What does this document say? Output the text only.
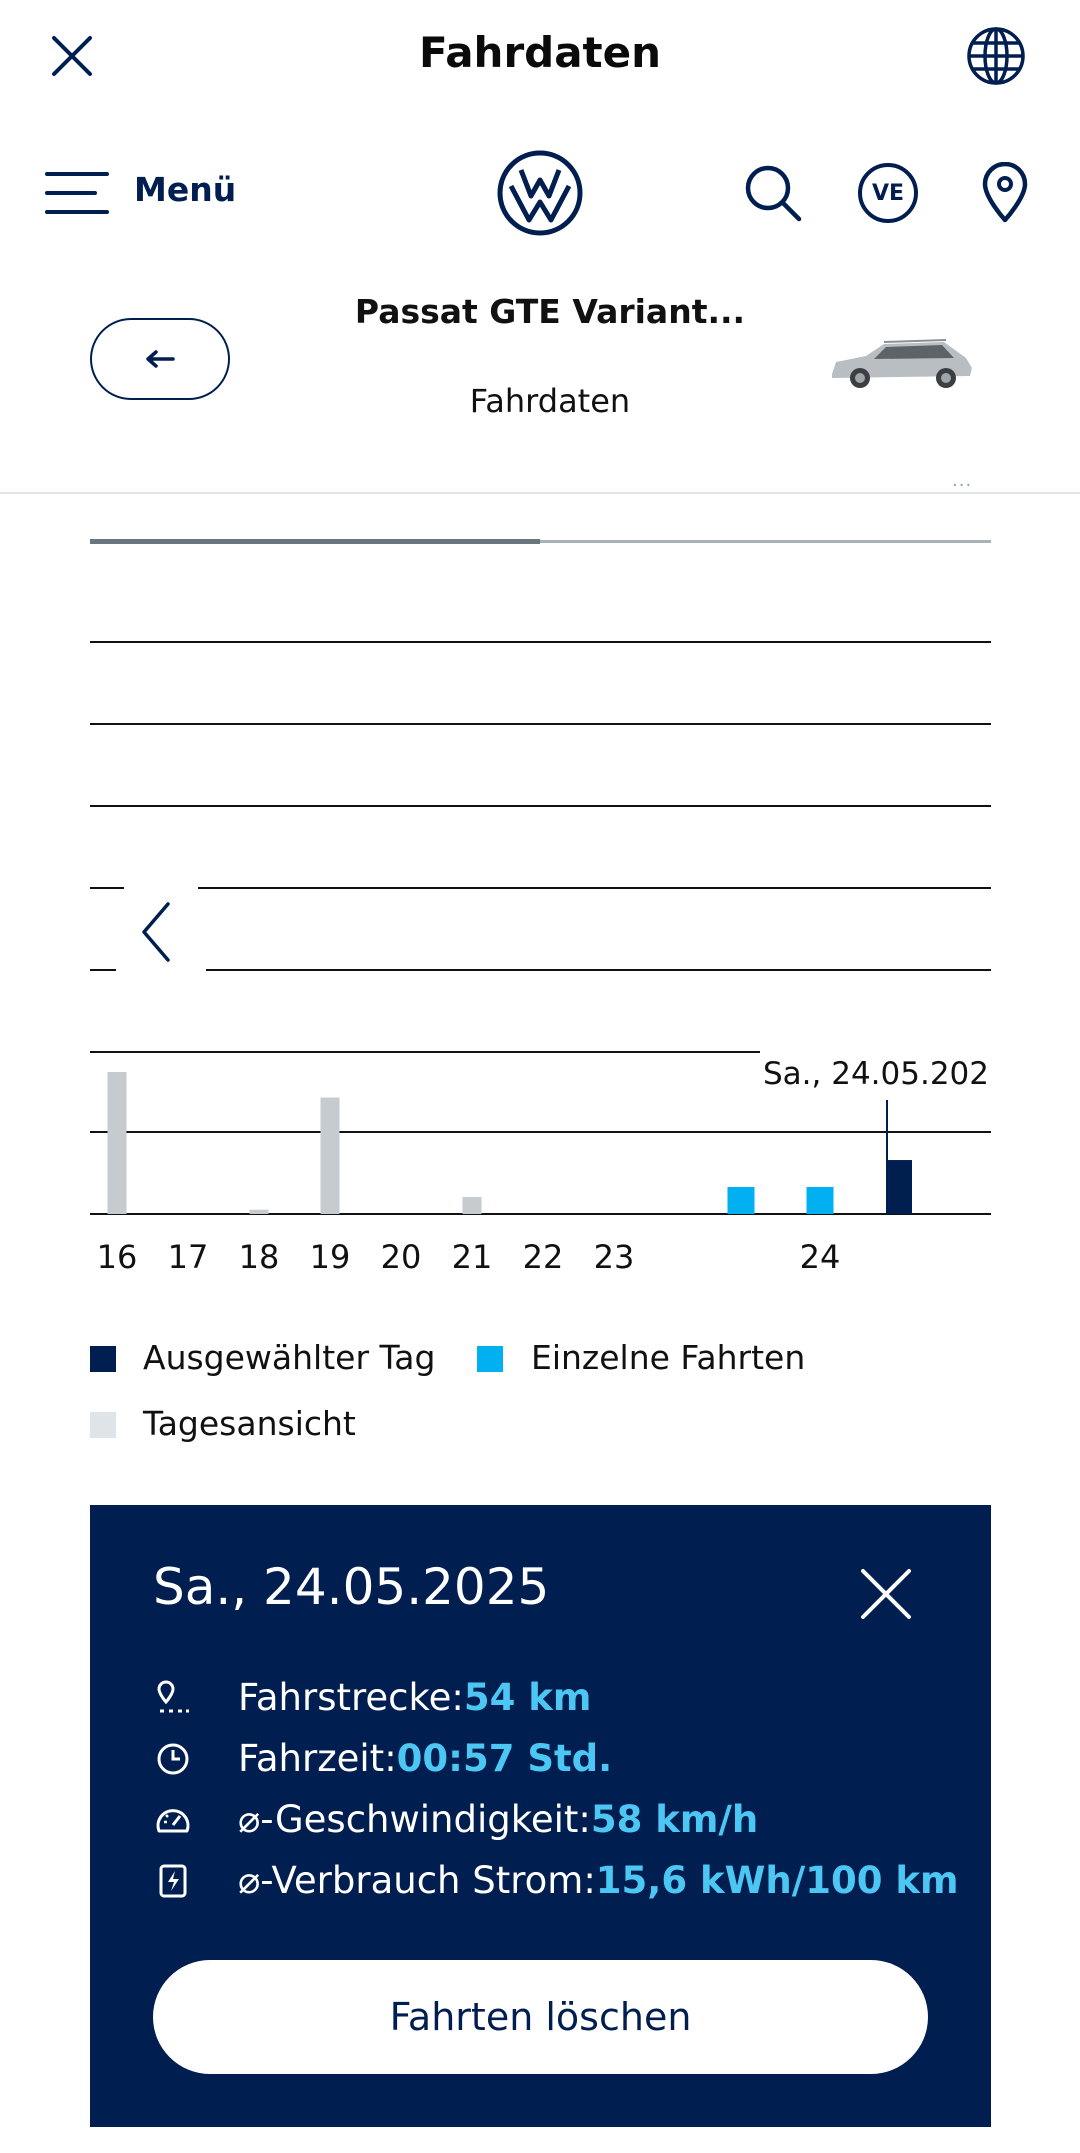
Fahrdaten
Menü	VE
Passat GTE Variant...
Fahrdaten
...
Sa., 24.05.202
16 17 18 19 20 21 22 23	24
Ausgewählter Tag	Einzelne Fahrten
Tagesansicht
Sa., 24.05.2025
Fahrstrecke: 54 km
Fahrzeit: 00:57 Std.
⌀-Geschwindigkeit: 58 km/h
⌀-Verbrauch Strom: 15,6 kWh/100 km
Fahrten löschen
